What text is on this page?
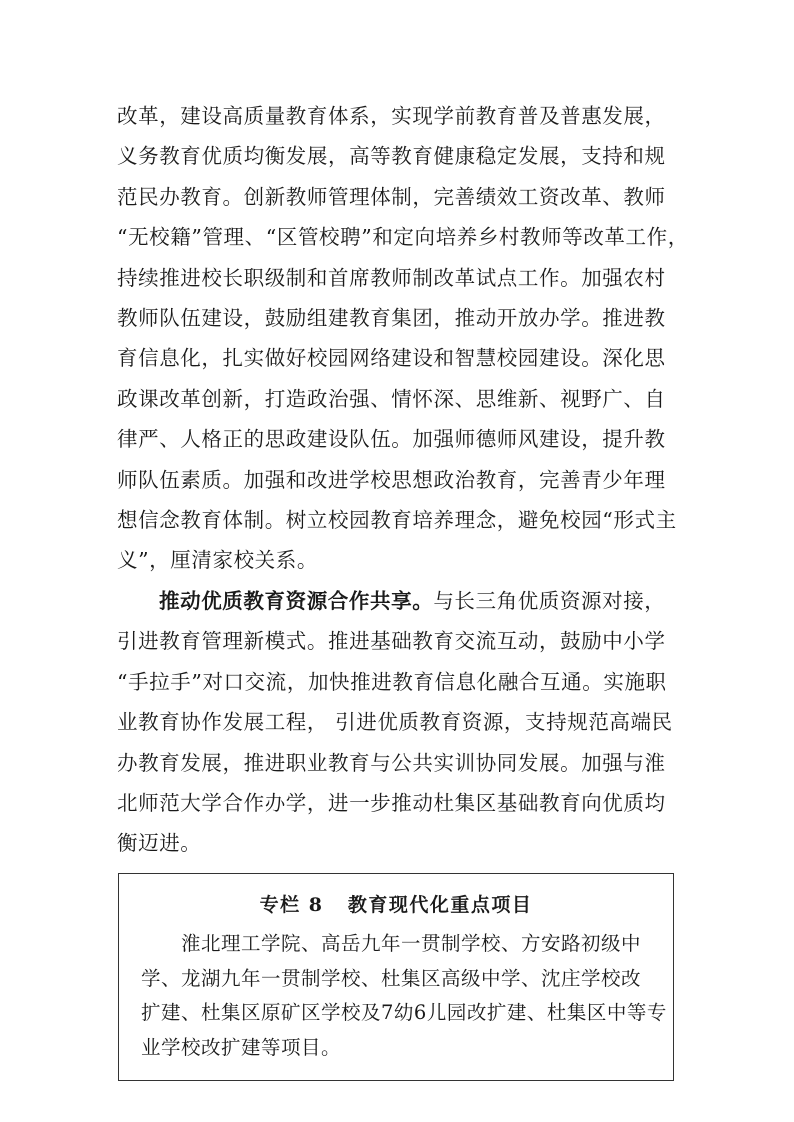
改革，建设高质量教育体系，实现学前教育普及普惠发展，
义务教育优质均衡发展，高等教育健康稳定发展，支持和规
范民办教育。创新教师管理体制，完善绩效工资改革、教师
“无校籍”管理、“区管校聘”和定向培养乡村教师等改革工作，
持续推进校长职级制和首席教师制改革试点工作。加强农村
教师队伍建设，鼓励组建教育集团，推动开放办学。推进教
育信息化，扎实做好校园网络建设和智慧校园建设。深化思
政课改革创新，打造政治强、情怀深、思维新、视野广、自
律严、人格正的思政建设队伍。加强师德师风建设，提升教
师队伍素质。加强和改进学校思想政治教育，完善青少年理
想信念教育体制。树立校园教育培养理念，避免校园“形式主
义”，厘清家校关系。

推动优质教育资源合作共享。与长三角优质资源对接，
引进教育管理新模式。推进基础教育交流互动，鼓励中小学
“手拉手”对口交流，加快推进教育信息化融合互通。实施职
业教育协作发展工程， 引进优质教育资源，支持规范高端民
办教育发展，推进职业教育与公共实训协同发展。加强与淮
北师范大学合作办学，进一步推动杜集区基础教育向优质均
衡迈进。

专栏 8   教育现代化重点项目
淮北理工学院、高岳九年一贯制学校、方安路初级中
学、龙湖九年一贯制学校、杜集区高级中学、沈庄学校改
扩建、杜集区原矿区学校及7幼6儿园改扩建、杜集区中等专
业学校改扩建等项目。
